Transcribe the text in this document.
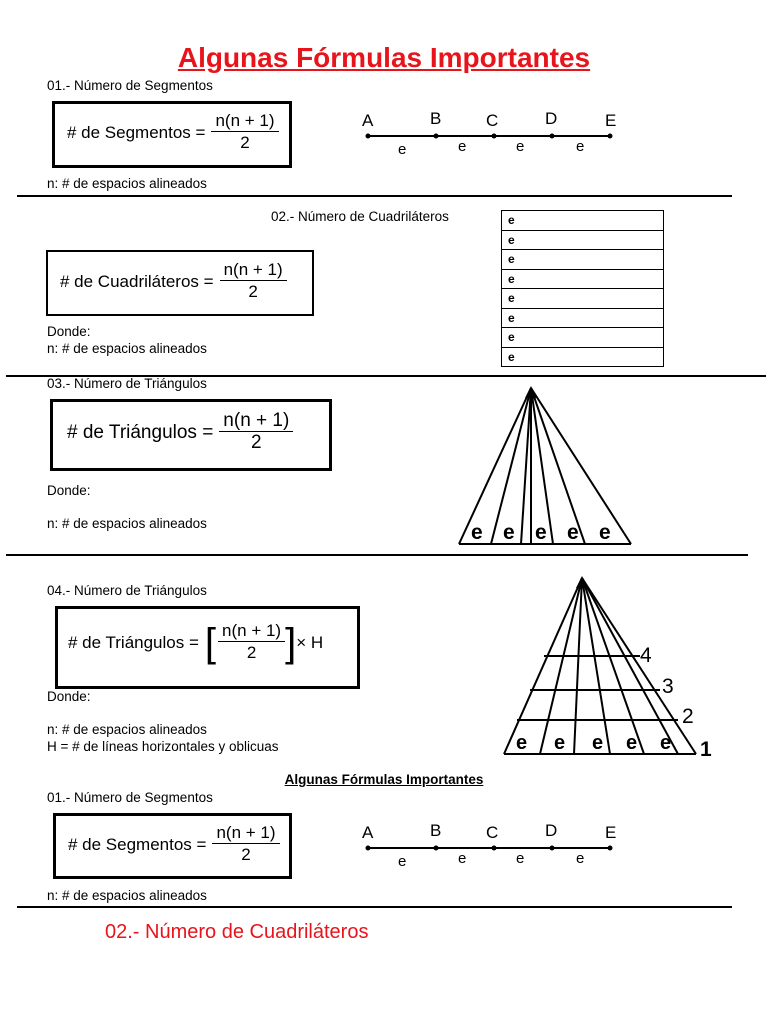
Algunas Fórmulas Importantes
01.- Número de Segmentos
# de Segmentos = $\frac{n(n + 1)}{2}$	A	B	C	D	E
e	e	e	e
n: # de espacios alineados
02.- Número de Cuadriláteros	e
e
e
e
e
e
e
e
# de Cuadriláteros = $\frac{n(n + 1)}{2}$
Donde:
n: # de espacios alineados
03.- Número de Triángulos
# de Triángulos = $\frac{n(n + 1)}{2}$
Donde:
n: # de espacios alineados	e e e e e
04.- Número de Triángulos
# de Triángulos = [ $\frac{n(n + 1)}{2}$ ] × H
Donde:
n: # de espacios alineados
H = # de líneas horizontales y oblicuas	e e e e e
4
3
2
1
Algunas Fórmulas Importantes
01.- Número de Segmentos
# de Segmentos = $\frac{n(n + 1)}{2}$	A	B	C	D	E
e	e	e	e
n: # de espacios alineados
02.- Número de Cuadriláteros
